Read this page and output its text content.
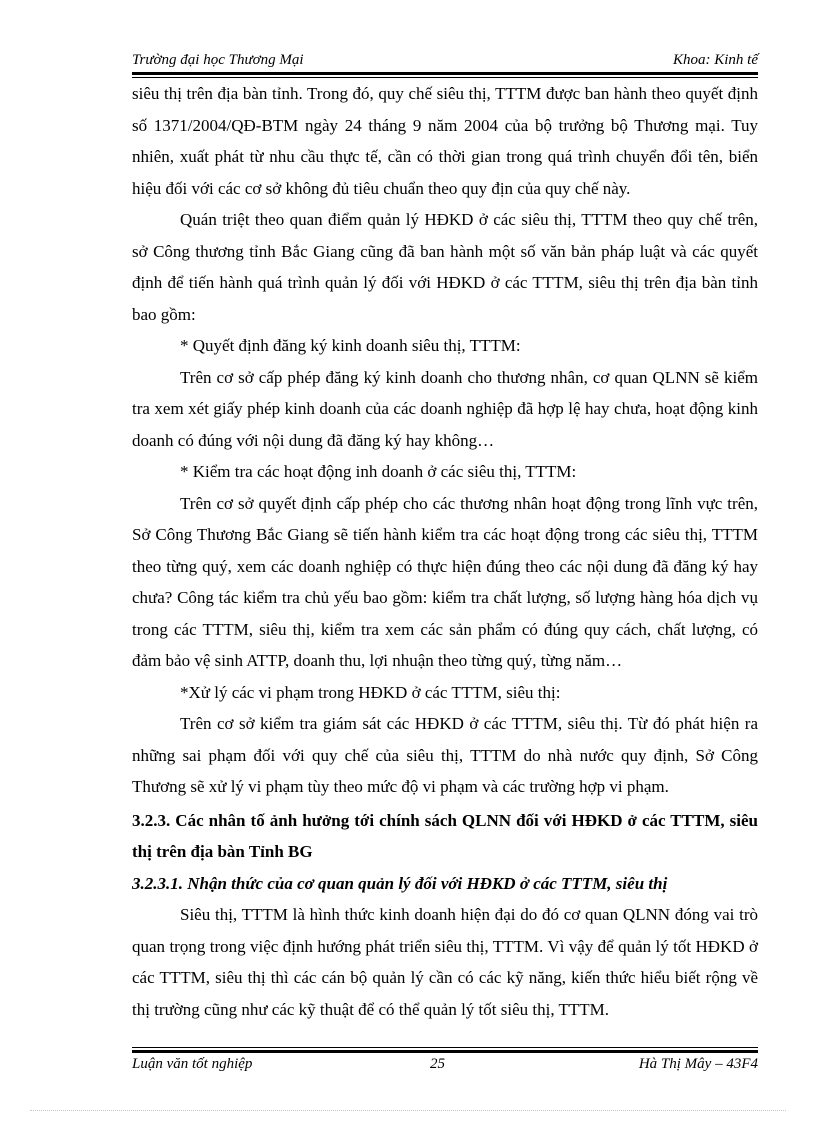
Trường đại học Thương Mại	Khoa: Kinh tế

siêu thị trên địa bàn tỉnh. Trong đó, quy chế siêu thị, TTTM được ban hành theo quyết định số 1371/2004/QĐ-BTM ngày 24 tháng 9 năm 2004 của bộ trưởng bộ Thương mại. Tuy nhiên, xuất phát từ nhu cầu thực tế, cần có thời gian trong quá trình chuyển đổi tên, biển hiệu đối với các cơ sở không đủ tiêu chuẩn theo quy địn của quy chế này.

Quán triệt theo quan điểm quản lý HĐKD ở các siêu thị, TTTM theo quy chế trên, sở Công thương tỉnh Bắc Giang cũng đã ban hành một số văn bản pháp luật và các quyết định để tiến hành quá trình quản lý đối với HĐKD ở các TTTM, siêu thị trên địa bàn tỉnh bao gồm:

* Quyết định đăng ký kinh doanh siêu thị, TTTM:

Trên cơ sở cấp phép đăng ký kinh doanh cho thương nhân, cơ quan QLNN sẽ kiểm tra xem xét giấy phép kinh doanh của các doanh nghiệp đã hợp lệ hay chưa, hoạt động kinh doanh có đúng với nội dung đã đăng ký hay không…

* Kiểm tra các hoạt động inh doanh ở các siêu thị, TTTM:

Trên cơ sở quyết định cấp phép cho các thương nhân hoạt động trong lĩnh vực trên, Sở Công Thương Bắc Giang sẽ tiến hành kiểm tra các hoạt động trong các siêu thị, TTTM theo từng quý, xem các doanh nghiệp có thực hiện đúng theo các nội dung đã đăng ký hay chưa? Công tác kiểm tra chủ yếu bao gồm: kiểm tra chất lượng, số lượng hàng hóa dịch vụ trong các TTTM, siêu thị, kiểm tra xem các sản phẩm có đúng quy cách, chất lượng, có đảm bảo vệ sinh ATTP, doanh thu, lợi nhuận theo từng quý, từng năm…

*Xử lý các vi phạm trong HĐKD ở các TTTM, siêu thị:

Trên cơ sở kiểm tra giám sát các HĐKD ở các TTTM, siêu thị. Từ đó phát hiện ra những sai phạm đối với quy chế của siêu thị, TTTM do nhà nước quy định, Sở Công Thương sẽ xử lý vi phạm tùy theo mức độ vi phạm và các trường hợp vi phạm.

3.2.3. Các nhân tố ảnh hưởng tới chính sách QLNN đối với HĐKD ở các TTTM, siêu thị trên địa bàn Tỉnh BG

3.2.3.1. Nhận thức của cơ quan quản lý đối với HĐKD ở các TTTM, siêu thị

Siêu thị, TTTM là hình thức kinh doanh hiện đại do đó cơ quan QLNN đóng vai trò quan trọng trong việc định hướng phát triển siêu thị, TTTM. Vì vậy để quản lý tốt HĐKD ở các TTTM, siêu thị thì các cán bộ quản lý cần có các kỹ năng, kiến thức hiểu biết rộng về thị trường cũng như các kỹ thuật để có thể quản lý tốt siêu thị, TTTM.

Luận văn tốt nghiệp	25	Hà Thị Mây – 43F4
